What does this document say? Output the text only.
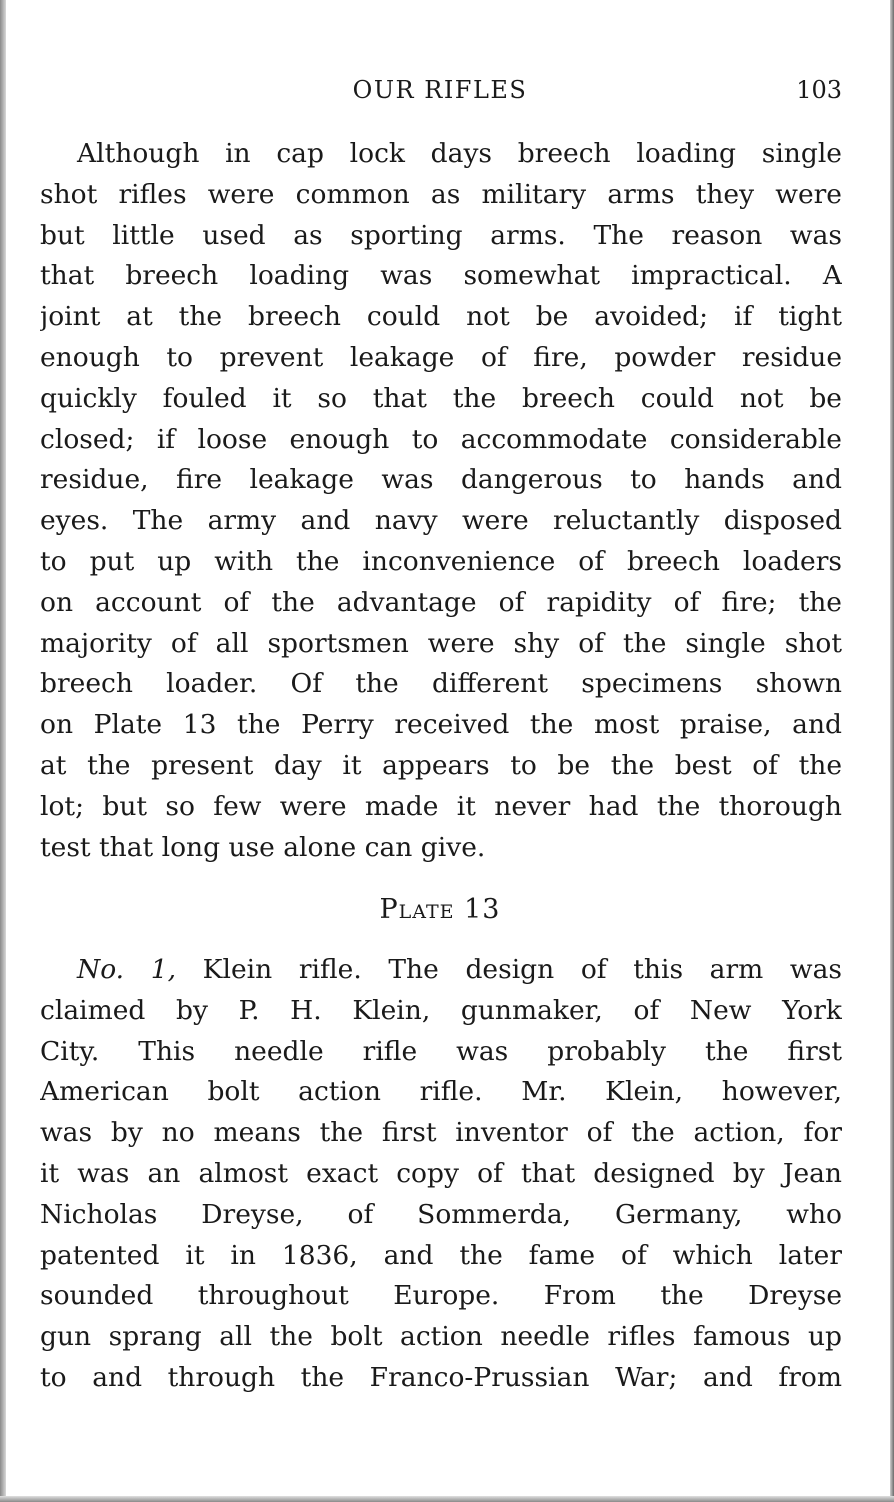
OUR RIFLES	103
Although in cap lock days breech loading single
shot rifles were common as military arms they were
but little used as sporting arms. The reason was
that breech loading was somewhat impractical. A
joint at the breech could not be avoided; if tight
enough to prevent leakage of fire, powder residue
quickly fouled it so that the breech could not be
closed; if loose enough to accommodate considerable
residue, fire leakage was dangerous to hands and
eyes. The army and navy were reluctantly disposed
to put up with the inconvenience of breech loaders
on account of the advantage of rapidity of fire; the
majority of all sportsmen were shy of the single shot
breech loader. Of the different specimens shown
on Plate 13 the Perry received the most praise, and
at the present day it appears to be the best of the
lot; but so few were made it never had the thorough
test that long use alone can give.
Plate 13
No. 1, Klein rifle. The design of this arm was
claimed by P. H. Klein, gunmaker, of New York
City. This needle rifle was probably the first
American bolt action rifle. Mr. Klein, however,
was by no means the first inventor of the action, for
it was an almost exact copy of that designed by Jean
Nicholas Dreyse, of Sommerda, Germany, who
patented it in 1836, and the fame of which later
sounded throughout Europe. From the Dreyse
gun sprang all the bolt action needle rifles famous up
to and through the Franco-Prussian War; and from
